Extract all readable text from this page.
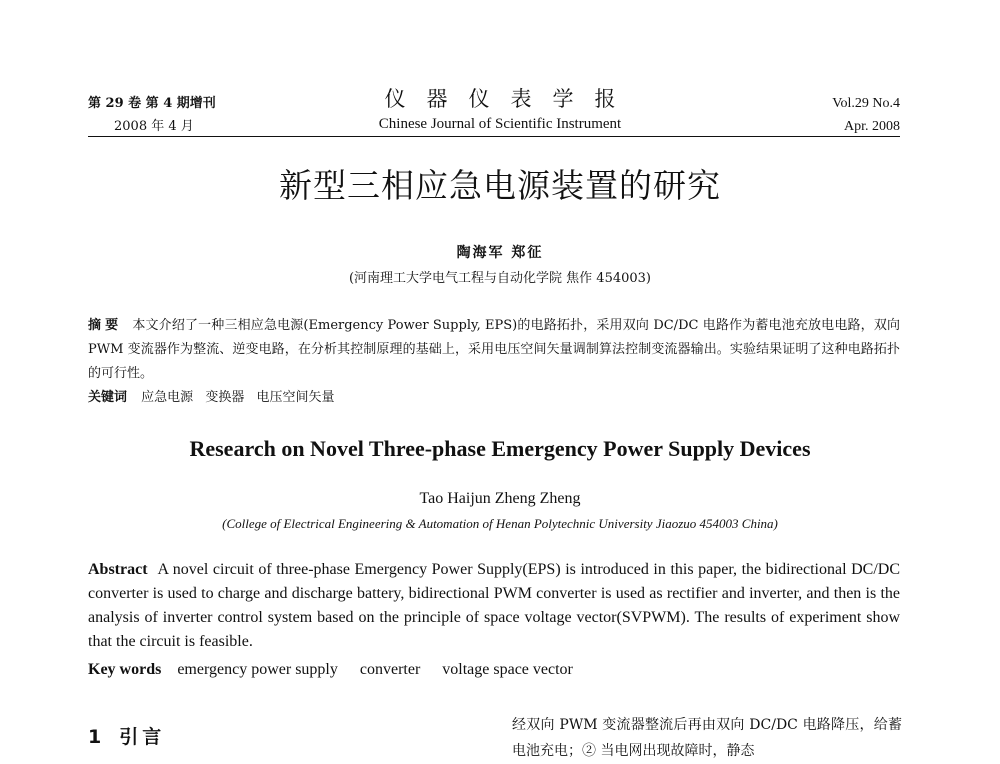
第 29 卷 第 4 期增刊
2008 年 4 月
仪器仪表学报
Chinese Journal of Scientific Instrument
Vol.29 No.4
Apr. 2008
新型三相应急电源装置的研究
陶海军 郑征
(河南理工大学电气工程与自动化学院 焦作 454003)
摘要 本文介绍了一种三相应急电源(Emergency Power Supply, EPS)的电路拓扑，采用双向 DC/DC 电路作为蓄电池充放电电路，双向 PWM 变流器作为整流、逆变电路，在分析其控制原理的基础上，采用电压空间矢量调制算法控制变流器输出。实验结果证明了这种电路拓扑的可行性。
关键词 应急电源 变换器 电压空间矢量
Research on Novel Three-phase Emergency Power Supply Devices
Tao Haijun Zheng Zheng
(College of Electrical Engineering & Automation of Henan Polytechnic University Jiaozuo 454003 China)
Abstract A novel circuit of three-phase Emergency Power Supply(EPS) is introduced in this paper, the bidirectional DC/DC converter is used to charge and discharge battery, bidirectional PWM converter is used as rectifier and inverter, and then is the analysis of inverter control system based on the principle of space voltage vector(SVPWM). The results of experiment show that the circuit is feasible.
Key words emergency power supply converter voltage space vector
1 引言
经双向 PWM 变流器整流后再由双向 DC/DC 电路降压，给蓄电池充电；② 当电网出现故障时，静态
